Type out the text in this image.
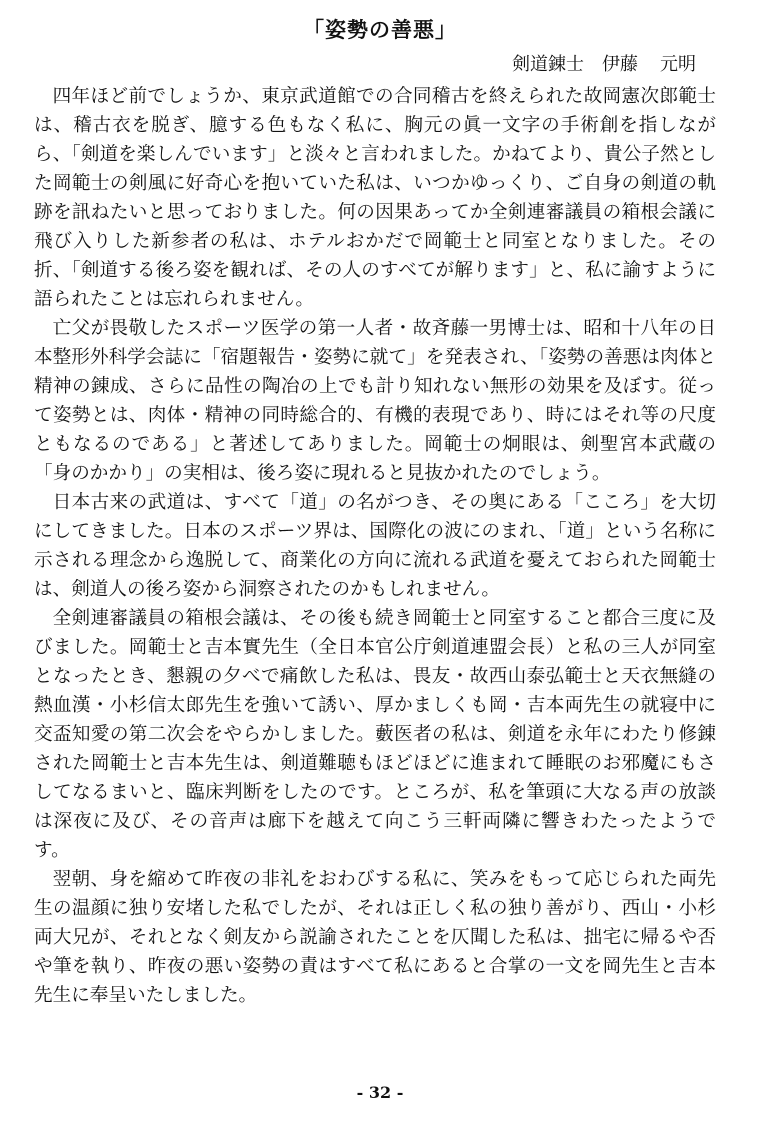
「姿勢の善悪」
剣道錬士 伊藤 元明

四年ほど前でしょうか、東京武道館での合同稽古を終えられた故岡憲次郎範士は、稽古衣を脱ぎ、臆する色もなく私に、胸元の眞一文字の手術創を指しながら、「剣道を楽しんでいます」と淡々と言われました。かねてより、貴公子然とした岡範士の剣風に好奇心を抱いていた私は、いつかゆっくり、ご自身の剣道の軌跡を訊ねたいと思っておりました。何の因果あってか全剣連審議員の箱根会議に飛び入りした新参者の私は、ホテルおかだで岡範士と同室となりました。その折、「剣道する後ろ姿を観れば、その人のすべてが解ります」と、私に諭すように語られたことは忘れられません。

亡父が畏敬したスポーツ医学の第一人者・故斉藤一男博士は、昭和十八年の日本整形外科学会誌に「宿題報告・姿勢に就て」を発表され、「姿勢の善悪は肉体と精神の錬成、さらに品性の陶冶の上でも計り知れない無形の効果を及ぼす。従って姿勢とは、肉体・精神の同時総合的、有機的表現であり、時にはそれ等の尺度ともなるのである」と著述してありました。岡範士の炯眼は、剣聖宮本武蔵の「身のかかり」の実相は、後ろ姿に現れると見抜かれたのでしょう。

日本古来の武道は、すべて「道」の名がつき、その奥にある「こころ」を大切にしてきました。日本のスポーツ界は、国際化の波にのまれ、「道」という名称に示される理念から逸脱して、商業化の方向に流れる武道を憂えておられた岡範士は、剣道人の後ろ姿から洞察されたのかもしれません。

全剣連審議員の箱根会議は、その後も続き岡範士と同室すること都合三度に及びました。岡範士と吉本實先生（全日本官公庁剣道連盟会長）と私の三人が同室となったとき、懇親の夕べで痛飲した私は、畏友・故西山泰弘範士と天衣無縫の熱血漢・小杉信太郎先生を強いて誘い、厚かましくも岡・吉本両先生の就寝中に交盃知愛の第二次会をやらかしました。藪医者の私は、剣道を永年にわたり修錬された岡範士と吉本先生は、剣道難聴もほどほどに進まれて睡眠のお邪魔にもさしてなるまいと、臨床判断をしたのです。ところが、私を筆頭に大なる声の放談は深夜に及び、その音声は廊下を越えて向こう三軒両隣に響きわたったようです。

翌朝、身を縮めて昨夜の非礼をおわびする私に、笑みをもって応じられた両先生の温顔に独り安堵した私でしたが、それは正しく私の独り善がり、西山・小杉両大兄が、それとなく剣友から説諭されたことを仄聞した私は、拙宅に帰るや否や筆を執り、昨夜の悪い姿勢の責はすべて私にあると合掌の一文を岡先生と吉本先生に奉呈いたしました。

- 32 -
